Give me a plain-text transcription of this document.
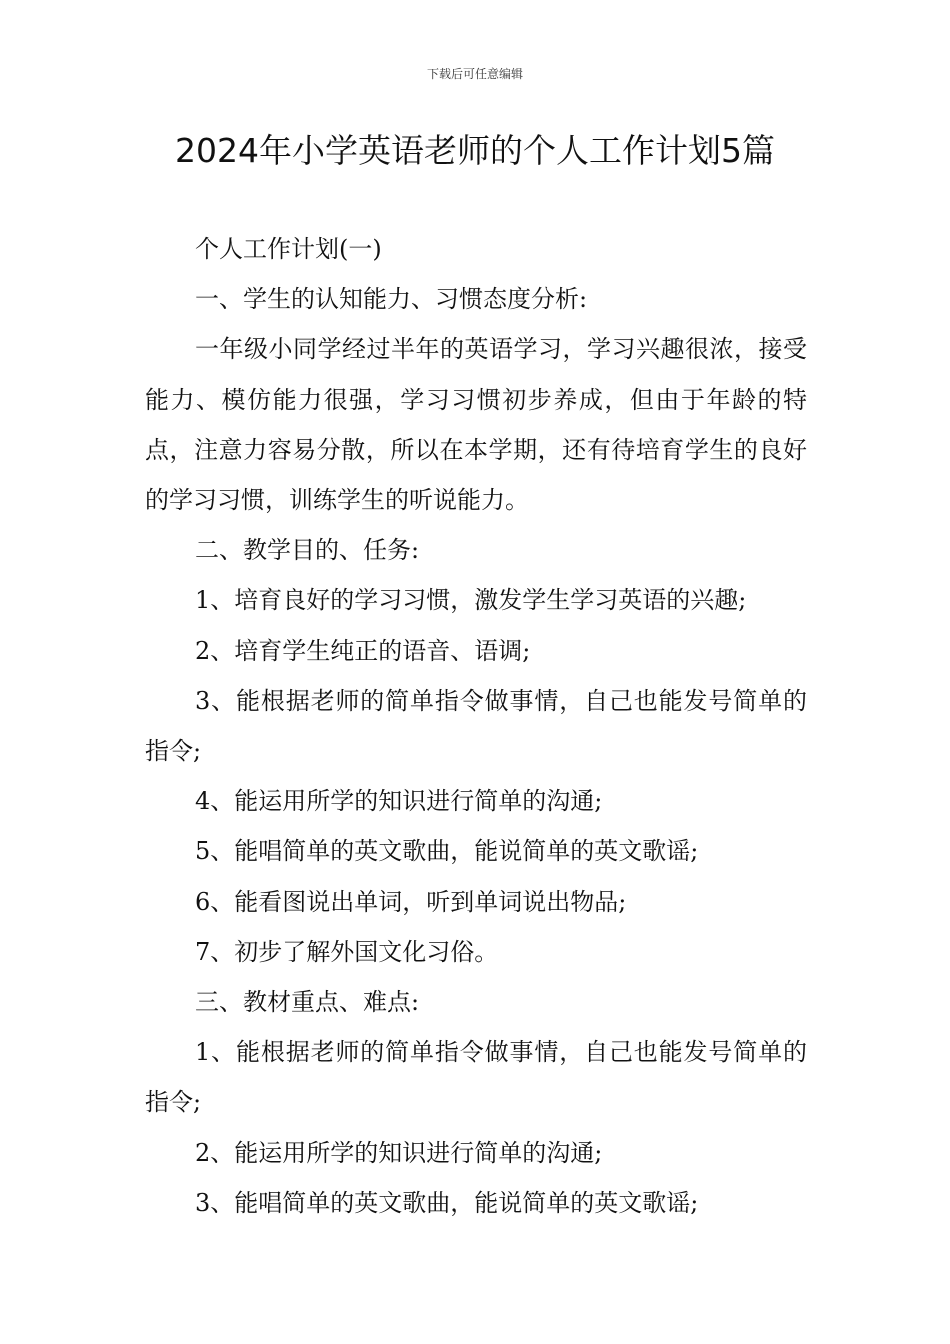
下载后可任意编辑
2024年小学英语老师的个人工作计划5篇

个人工作计划(一)

一、学生的认知能力、习惯态度分析:

一年级小同学经过半年的英语学习，学习兴趣很浓，接受能力、模仿能力很强，学习习惯初步养成，但由于年龄的特点，注意力容易分散，所以在本学期，还有待培育学生的良好的学习习惯，训练学生的听说能力。

二、教学目的、任务:

1、培育良好的学习习惯，激发学生学习英语的兴趣;

2、培育学生纯正的语音、语调;

3、能根据老师的简单指令做事情，自己也能发号简单的指令;

4、能运用所学的知识进行简单的沟通;

5、能唱简单的英文歌曲，能说简单的英文歌谣;

6、能看图说出单词，听到单词说出物品;

7、初步了解外国文化习俗。

三、教材重点、难点:

1、能根据老师的简单指令做事情，自己也能发号简单的指令;

2、能运用所学的知识进行简单的沟通;

3、能唱简单的英文歌曲，能说简单的英文歌谣;
